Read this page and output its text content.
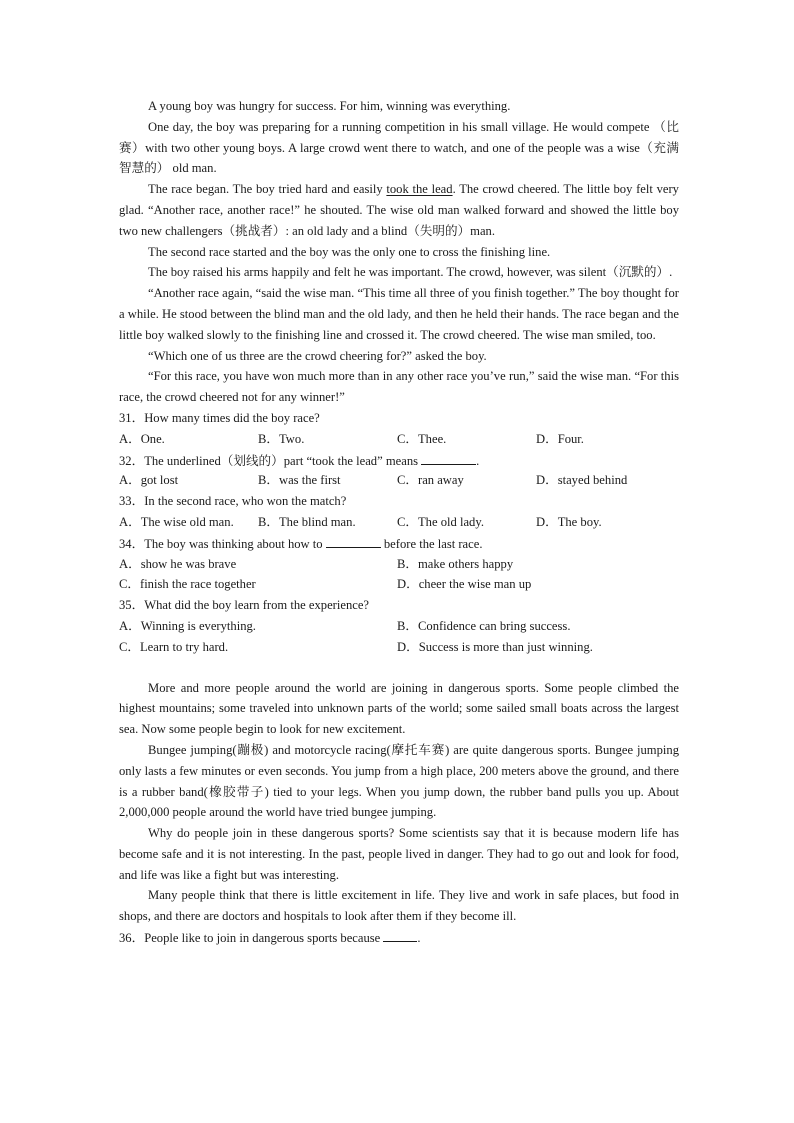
A young boy was hungry for success. For him, winning was everything.

One day, the boy was preparing for a running competition in his small village. He would compete （比赛）with two other young boys. A large crowd went there to watch, and one of the people was a wise（充满智慧的） old man.

The race began. The boy tried hard and easily took the lead. The crowd cheered. The little boy felt very glad. “Another race, another race!” he shouted. The wise old man walked forward and showed the little boy two new challengers（挑战者）: an old lady and a blind（失明的）man.

The second race started and the boy was the only one to cross the finishing line.

The boy raised his arms happily and felt he was important. The crowd, however, was silent（沉默的）.

“Another race again, “said the wise man. “This time all three of you finish together.” The boy thought for a while. He stood between the blind man and the old lady, and then he held their hands. The race began and the little boy walked slowly to the finishing line and crossed it. The crowd cheered. The wise man smiled, too.

“Which one of us three are the crowd cheering for?” asked the boy.

“For this race, you have won much more than in any other race you’ve run,” said the wise man. “For this race, the crowd cheered not for any winner!”

31．How many times did the boy race?
A．One.	B．Two.	C．Thee.	D．Four.
32．The underlined（划线的）part “took the lead” means	.
A．got lost	B．was the first	C．ran away	D．stayed behind
33．In the second race, who won the match?
A．The wise old man. B．The blind man.	C．The old lady.	D．The boy.
34．The boy was thinking about how to	before the last race.
A．show he was brave	B．make others happy
C．finish the race together	D．cheer the wise man up
35．What did the boy learn from the experience?
A．Winning is everything.	B．Confidence can bring success.
C．Learn to try hard.	D．Success is more than just winning.

More and more people around the world are joining in dangerous sports. Some people climbed the highest mountains; some traveled into unknown parts of the world; some sailed small boats across the largest sea. Now some people begin to look for new excitement.

Bungee jumping(蹦极) and motorcycle racing(摩托车赛) are quite dangerous sports. Bungee jumping only lasts a few minutes or even seconds. You jump from a high place, 200 meters above the ground, and there is a rubber band(橡胶带子) tied to your legs. When you jump down, the rubber band pulls you up. About 2,000,000 people around the world have tried bungee jumping.

Why do people join in these dangerous sports? Some scientists say that it is because modern life has become safe and it is not interesting. In the past, people lived in danger. They had to go out and look for food, and life was like a fight but was interesting.

Many people think that there is little excitement in life. They live and work in safe places, but food in shops, and there are doctors and hospitals to look after them if they become ill.

36．People like to join in dangerous sports because	.
